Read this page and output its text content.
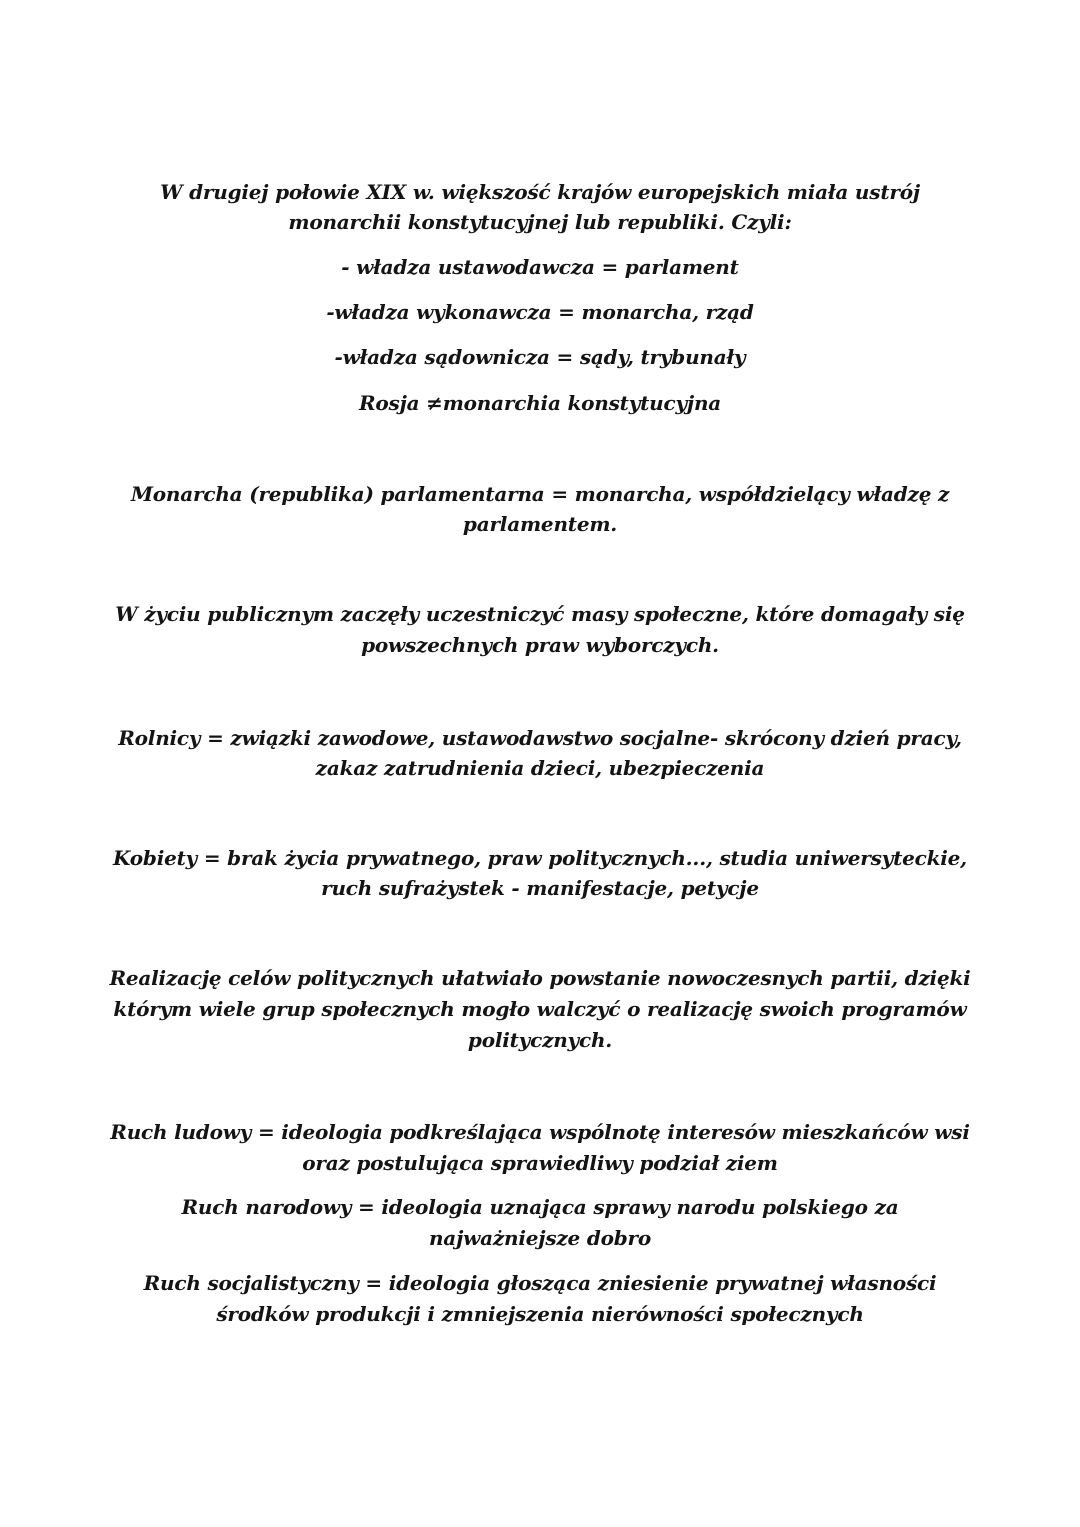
W drugiej połowie XIX w. większość krajów europejskich miała ustrój
monarchii konstytucyjnej lub republiki. Czyli:
- władza ustawodawcza = parlament
-władza wykonawcza = monarcha, rząd
-władza sądownicza = sądy, trybunały
Rosja ≠monarchia konstytucyjna
Monarcha (republika) parlamentarna = monarcha, współdzielący władzę z
parlamentem.
W życiu publicznym zaczęły uczestniczyć masy społeczne, które domagały się
powszechnych praw wyborczych.
Rolnicy = związki zawodowe, ustawodawstwo socjalne- skrócony dzień pracy,
zakaz zatrudnienia dzieci, ubezpieczenia
Kobiety = brak życia prywatnego, praw politycznych..., studia uniwersyteckie,
ruch sufrażystek - manifestacje, petycje
Realizację celów politycznych ułatwiało powstanie nowoczesnych partii, dzięki
którym wiele grup społecznych mogło walczyć o realizację swoich programów
politycznych.
Ruch ludowy = ideologia podkreślająca wspólnotę interesów mieszkańców wsi
oraz postulująca sprawiedliwy podział ziem
Ruch narodowy = ideologia uznająca sprawy narodu polskiego za
najważniejsze dobro
Ruch socjalistyczny = ideologia głosząca zniesienie prywatnej własności
środków produkcji i zmniejszenia nierówności społecznych
